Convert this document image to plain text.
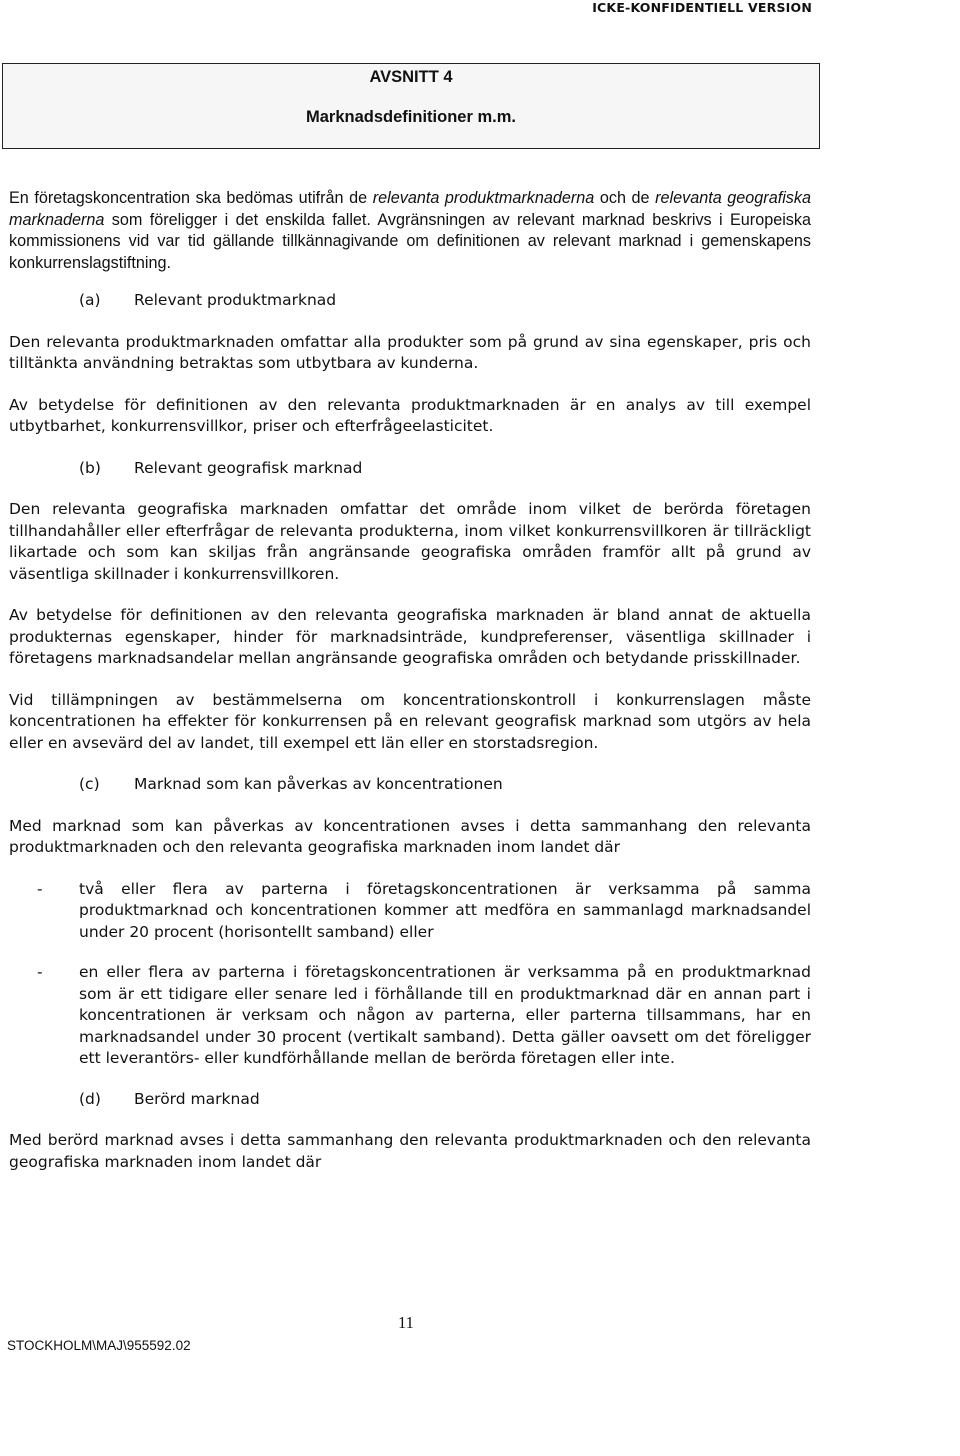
ICKE-KONFIDENTIELL VERSION
AVSNITT 4
Marknadsdefinitioner m.m.

En företagskoncentration ska bedömas utifrån de relevanta produktmarknaderna och de relevanta geografiska marknaderna som föreligger i det enskilda fallet. Avgränsningen av relevant marknad beskrivs i Europeiska kommissionens vid var tid gällande tillkännagivande om definitionen av relevant marknad i gemenskapens konkurrenslagstiftning.

(a)	Relevant produktmarknad

Den relevanta produktmarknaden omfattar alla produkter som på grund av sina egenskaper, pris och tilltänkta användning betraktas som utbytbara av kunderna.

Av betydelse för definitionen av den relevanta produktmarknaden är en analys av till exempel utbytbarhet, konkurrensvillkor, priser och efterfrågeelasticitet.

(b)	Relevant geografisk marknad

Den relevanta geografiska marknaden omfattar det område inom vilket de berörda företagen tillhandahåller eller efterfrågar de relevanta produkterna, inom vilket konkurrensvillkoren är tillräckligt likartade och som kan skiljas från angränsande geografiska områden framför allt på grund av väsentliga skillnader i konkurrensvillkoren.

Av betydelse för definitionen av den relevanta geografiska marknaden är bland annat de aktuella produkternas egenskaper, hinder för marknadsinträde, kundpreferenser, väsentliga skillnader i företagens marknadsandelar mellan angränsande geografiska områden och betydande prisskillnader.

Vid tillämpningen av bestämmelserna om koncentrationskontroll i konkurrenslagen måste koncentrationen ha effekter för konkurrensen på en relevant geografisk marknad som utgörs av hela eller en avsevärd del av landet, till exempel ett län eller en storstadsregion.

(c)	Marknad som kan påverkas av koncentrationen

Med marknad som kan påverkas av koncentrationen avses i detta sammanhang den relevanta produktmarknaden och den relevanta geografiska marknaden inom landet där

-	två eller flera av parterna i företagskoncentrationen är verksamma på samma produktmarknad och koncentrationen kommer att medföra en sammanlagd marknadsandel under 20 procent (horisontellt samband) eller
-	en eller flera av parterna i företagskoncentrationen är verksamma på en produktmarknad som är ett tidigare eller senare led i förhållande till en produktmarknad där en annan part i koncentrationen är verksam och någon av parterna, eller parterna tillsammans, har en marknadsandel under 30 procent (vertikalt samband). Detta gäller oavsett om det föreligger ett leverantörs- eller kundförhållande mellan de berörda företagen eller inte.
(d)	Berörd marknad

Med berörd marknad avses i detta sammanhang den relevanta produktmarknaden och den relevanta geografiska marknaden inom landet där

11
STOCKHOLM\MAJ\955592.02
